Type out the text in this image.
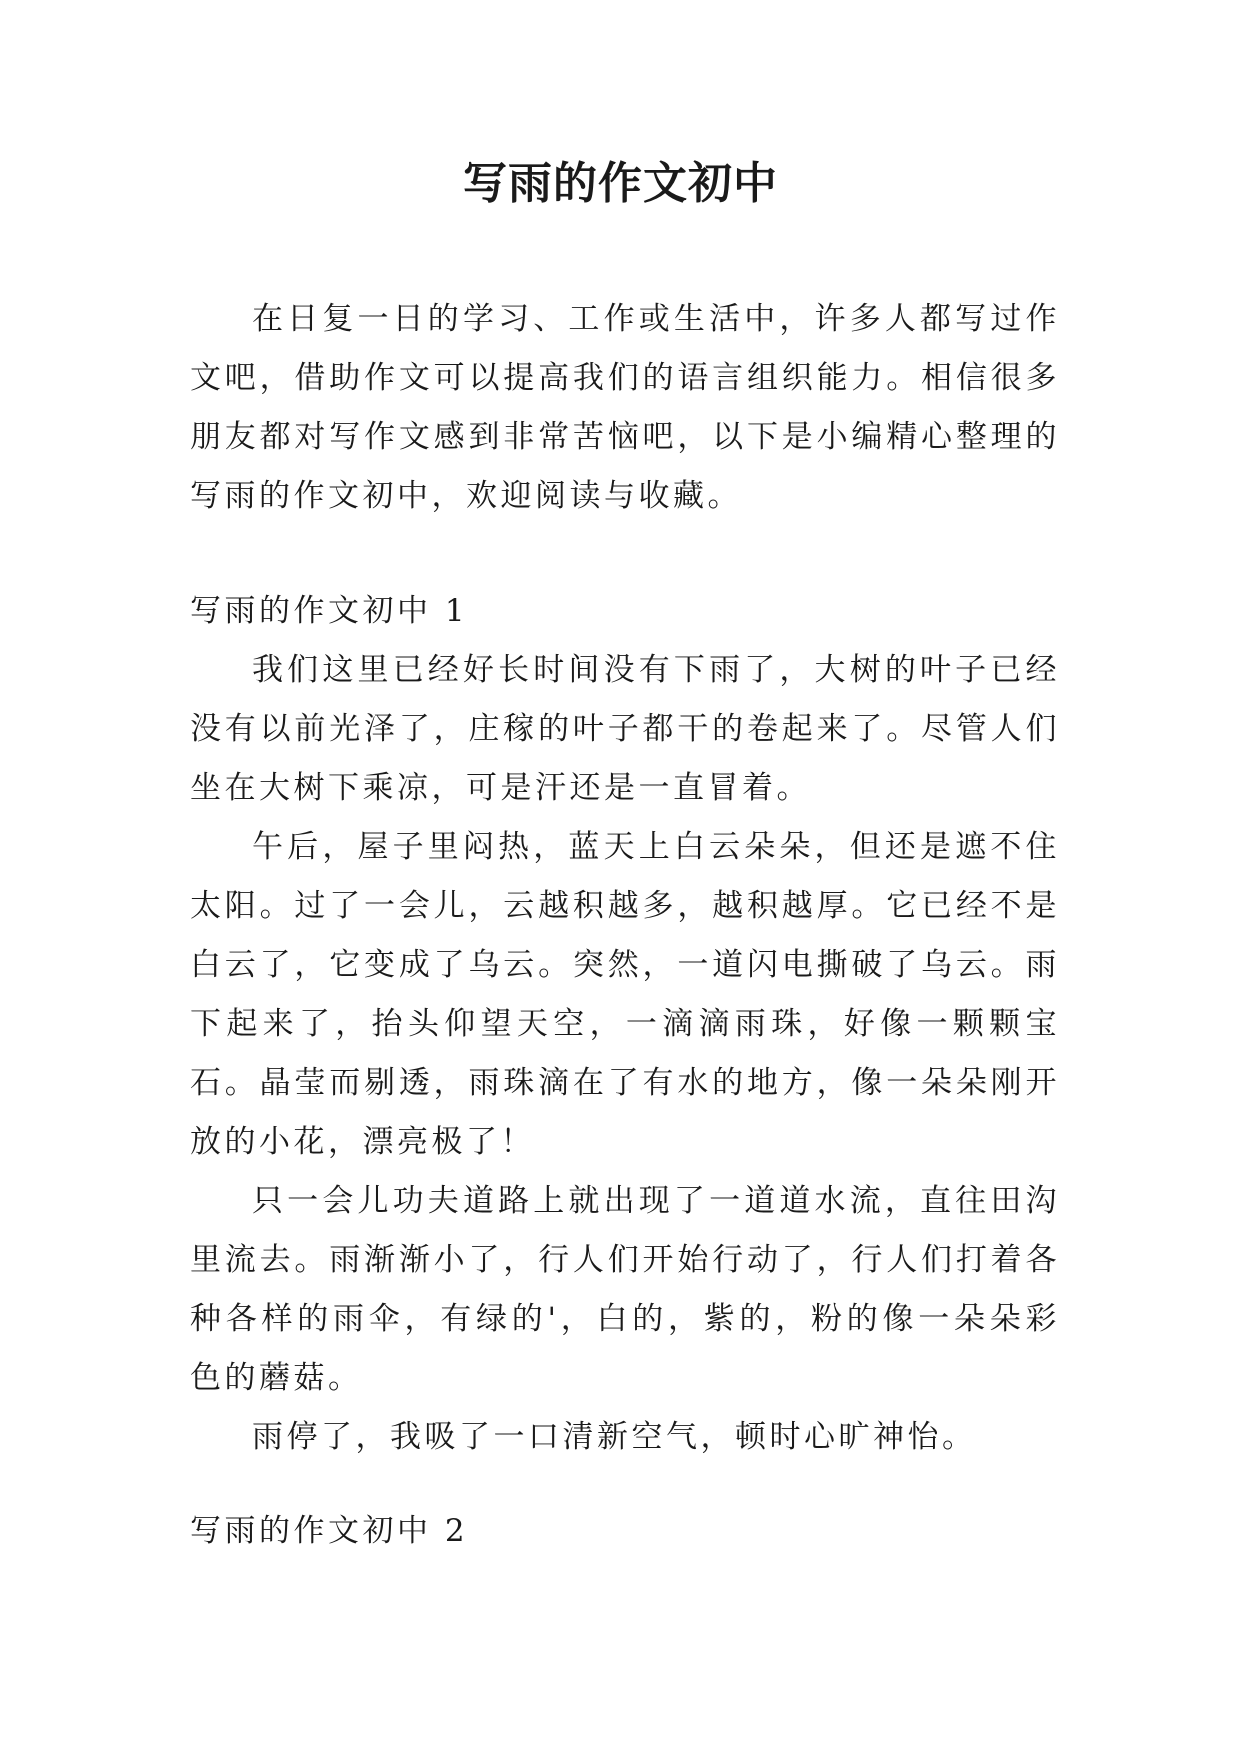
写雨的作文初中

在日复一日的学习、工作或生活中，许多人都写过作文吧，借助作文可以提高我们的语言组织能力。相信很多朋友都对写作文感到非常苦恼吧，以下是小编精心整理的写雨的作文初中，欢迎阅读与收藏。

写雨的作文初中 1

我们这里已经好长时间没有下雨了，大树的叶子已经没有以前光泽了，庄稼的叶子都干的卷起来了。尽管人们坐在大树下乘凉，可是汗还是一直冒着。

午后，屋子里闷热，蓝天上白云朵朵，但还是遮不住太阳。过了一会儿，云越积越多，越积越厚。它已经不是白云了，它变成了乌云。突然，一道闪电撕破了乌云。雨下起来了，抬头仰望天空，一滴滴雨珠，好像一颗颗宝石。晶莹而剔透，雨珠滴在了有水的地方，像一朵朵刚开放的小花，漂亮极了！

只一会儿功夫道路上就出现了一道道水流，直往田沟里流去。雨渐渐小了，行人们开始行动了，行人们打着各种各样的雨伞，有绿的'，白的，紫的，粉的像一朵朵彩色的蘑菇。

雨停了，我吸了一口清新空气，顿时心旷神怡。

写雨的作文初中 2
